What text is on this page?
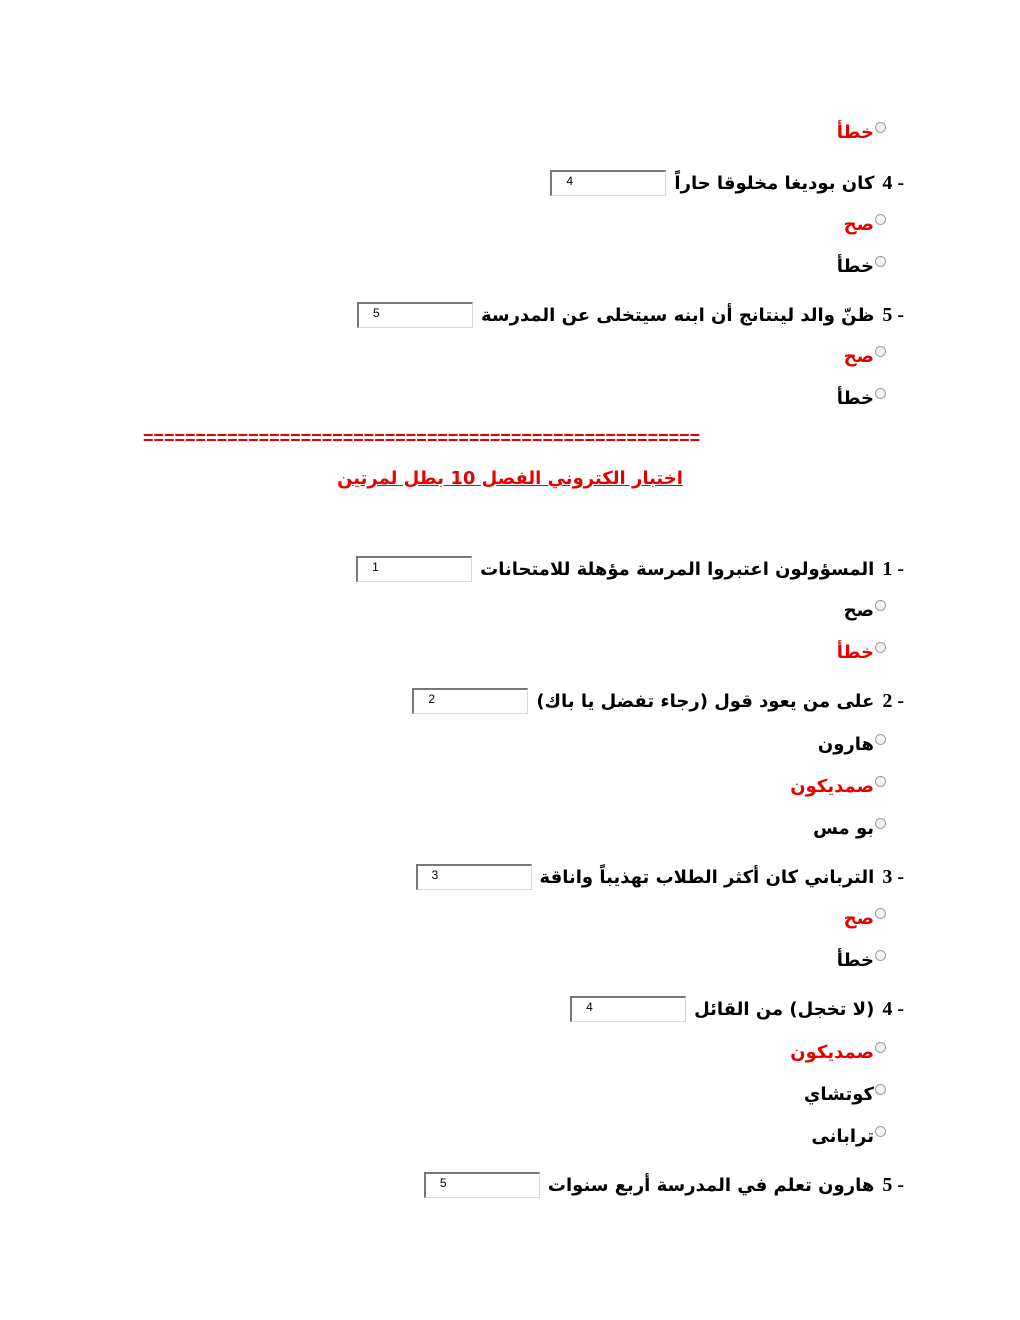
خطأ
4 -
كان بوديغا مخلوقا حاراً
4
صح
خطأ
5 -
ظنّ والد لينتانج أن ابنه سيتخلى عن المدرسة
5
صح
خطأ
=====================================================
اختبار الكتروني الفصل 10 بطل لمرتين
1 -
المسؤولون اعتبروا المرسة مؤهلة للامتحانات
1
صح
خطأ
2 -
على من يعود قول (رجاء تفضل يا باك)
2
هارون
صمديكون
بو مس
3 -
الترباني كان أكثر الطلاب تهذيباً واناقة
3
صح
خطأ
4 -
(لا تخجل) من القائل
4
صمديكون
كوتشاي
ترابانى
5 -
هارون تعلم في المدرسة أربع سنوات
5
